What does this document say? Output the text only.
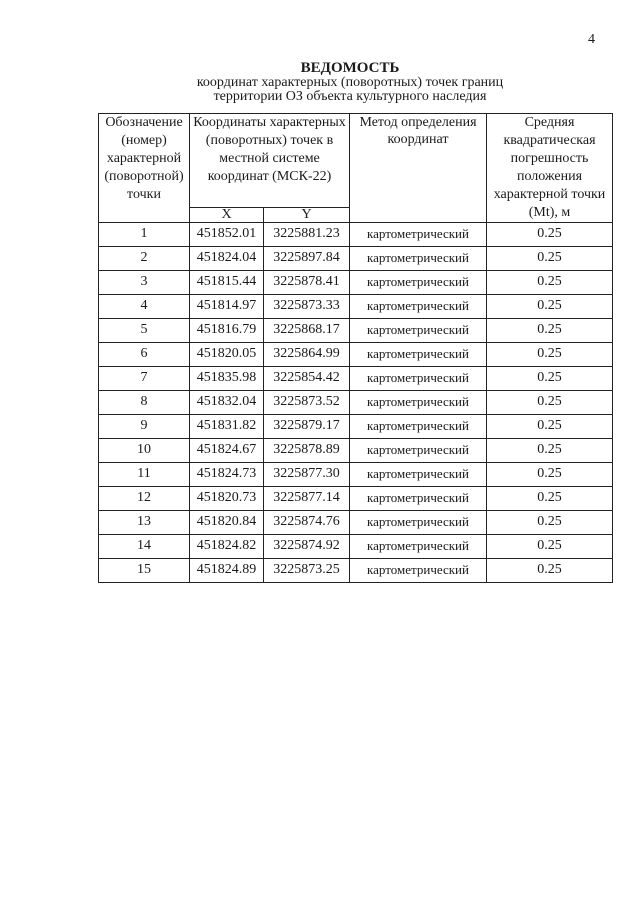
4
ВЕДОМОСТЬ
координат характерных (поворотных) точек границ
территории ОЗ объекта культурного наследия
Обозначение (номер) характерной (поворотной) точки	Координаты характерных (поворотных) точек в местной системе координат (МСК-22)		Метод определения координат	Средняя квадратическая погрешность положения характерной точки (Mt), м
	X	Y		
1	451852.01	3225881.23	картометрический	0.25
2	451824.04	3225897.84	картометрический	0.25
3	451815.44	3225878.41	картометрический	0.25
4	451814.97	3225873.33	картометрический	0.25
5	451816.79	3225868.17	картометрический	0.25
6	451820.05	3225864.99	картометрический	0.25
7	451835.98	3225854.42	картометрический	0.25
8	451832.04	3225873.52	картометрический	0.25
9	451831.82	3225879.17	картометрический	0.25
10	451824.67	3225878.89	картометрический	0.25
11	451824.73	3225877.30	картометрический	0.25
12	451820.73	3225877.14	картометрический	0.25
13	451820.84	3225874.76	картометрический	0.25
14	451824.82	3225874.92	картометрический	0.25
15	451824.89	3225873.25	картометрический	0.25
